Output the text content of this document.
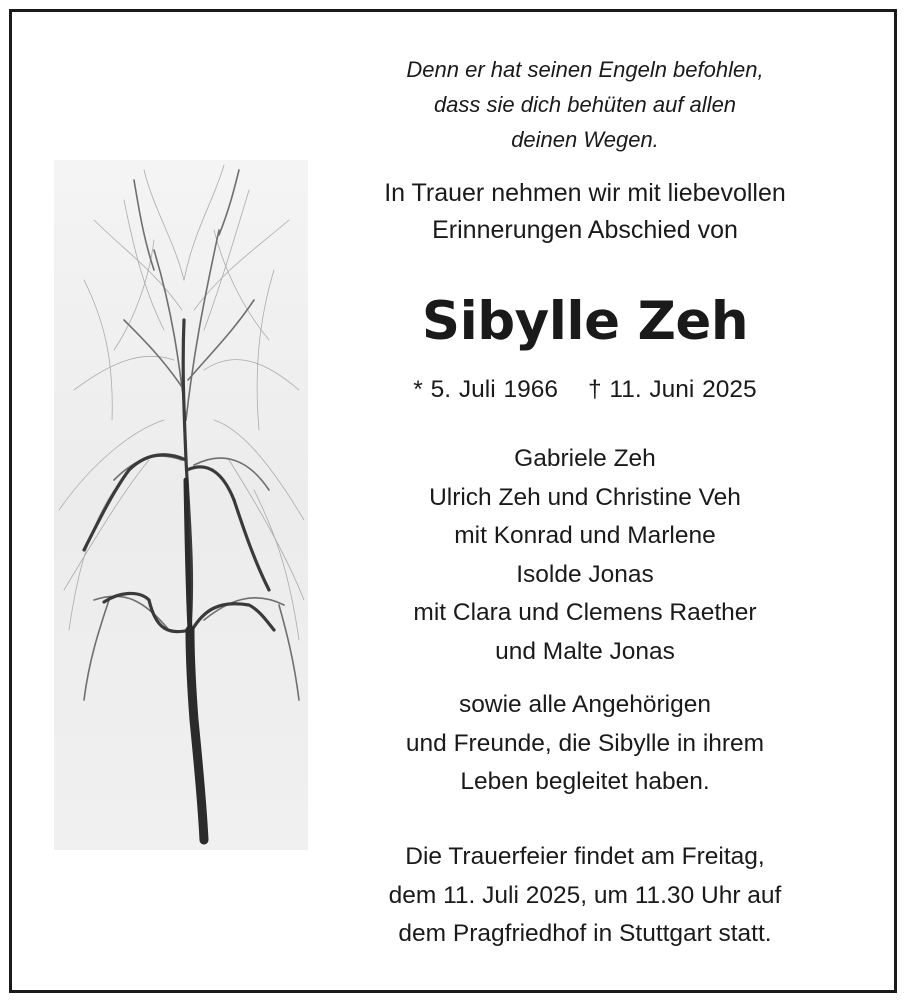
Denn er hat seinen Engeln befohlen,
dass sie dich behüten auf allen
deinen Wegen.
In Trauer nehmen wir mit liebevollen
Erinnerungen Abschied von
Sibylle Zeh
* 5. Juli 1966 † 11. Juni 2025
Gabriele Zeh
Ulrich Zeh und Christine Veh
mit Konrad und Marlene
Isolde Jonas
mit Clara und Clemens Raether
und Malte Jonas
sowie alle Angehörigen
und Freunde, die Sibylle in ihrem
Leben begleitet haben.
Die Trauerfeier findet am Freitag,
dem 11. Juli 2025, um 11.30 Uhr auf
dem Pragfriedhof in Stuttgart statt.
